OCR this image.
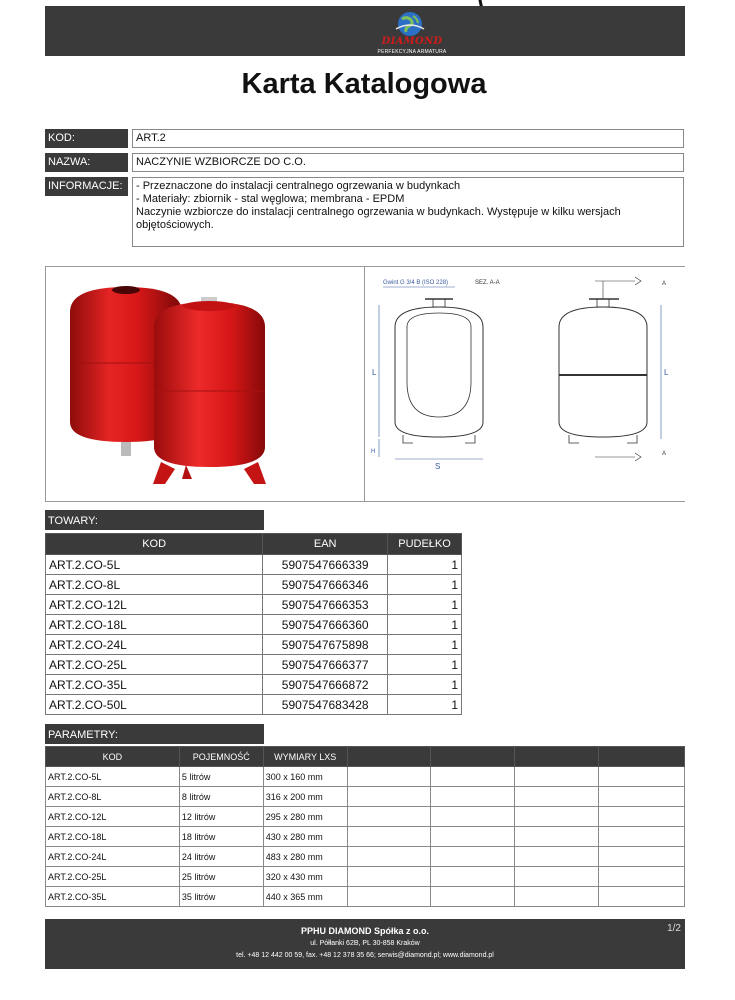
DIAMOND
PERFEKCYJNA ARMATURA
Karta Katalogowa
KOD:	ART.2
NAZWA:	NACZYNIE WZBIORCZE DO C.O.
INFORMACJE:	- Przeznaczone do instalacji centralnego ogrzewania w budynkach
- Materiały: zbiornik - stal węglowa; membrana - EPDM
Naczynie wzbiorcze do instalacji centralnego ogrzewania w budynkach. Występuje w kilku wersjach objętościowych.
Gwint G 3/4 B (ISO 228)	SEZ. A-A
L
H
S
A
A
L
TOWARY:
KOD	EAN	PUDEŁKO
ART.2.CO-5L	5907547666339	1
ART.2.CO-8L	5907547666346	1
ART.2.CO-12L	5907547666353	1
ART.2.CO-18L	5907547666360	1
ART.2.CO-24L	5907547675898	1
ART.2.CO-25L	5907547666377	1
ART.2.CO-35L	5907547666872	1
ART.2.CO-50L	5907547683428	1
PARAMETRY:
KOD	POJEMNOŚĆ	WYMIARY LXS				
ART.2.CO-5L	5 litrów	300 x 160 mm				
ART.2.CO-8L	8 litrów	316 x 200 mm				
ART.2.CO-12L	12 litrów	295 x 280 mm				
ART.2.CO-18L	18 litrów	430 x 280 mm				
ART.2.CO-24L	24 litrów	483 x 280 mm				
ART.2.CO-25L	25 litrów	320 x 430 mm				
ART.2.CO-35L	35 litrów	440 x 365 mm				
PPHU DIAMOND Spółka z o.o.
ul. Półłanki 62B, PL 30-858 Kraków
tel. +48 12 442 00 59, fax. +48 12 378 35 66; serwis@diamond.pl; www.diamond.pl
1/2
